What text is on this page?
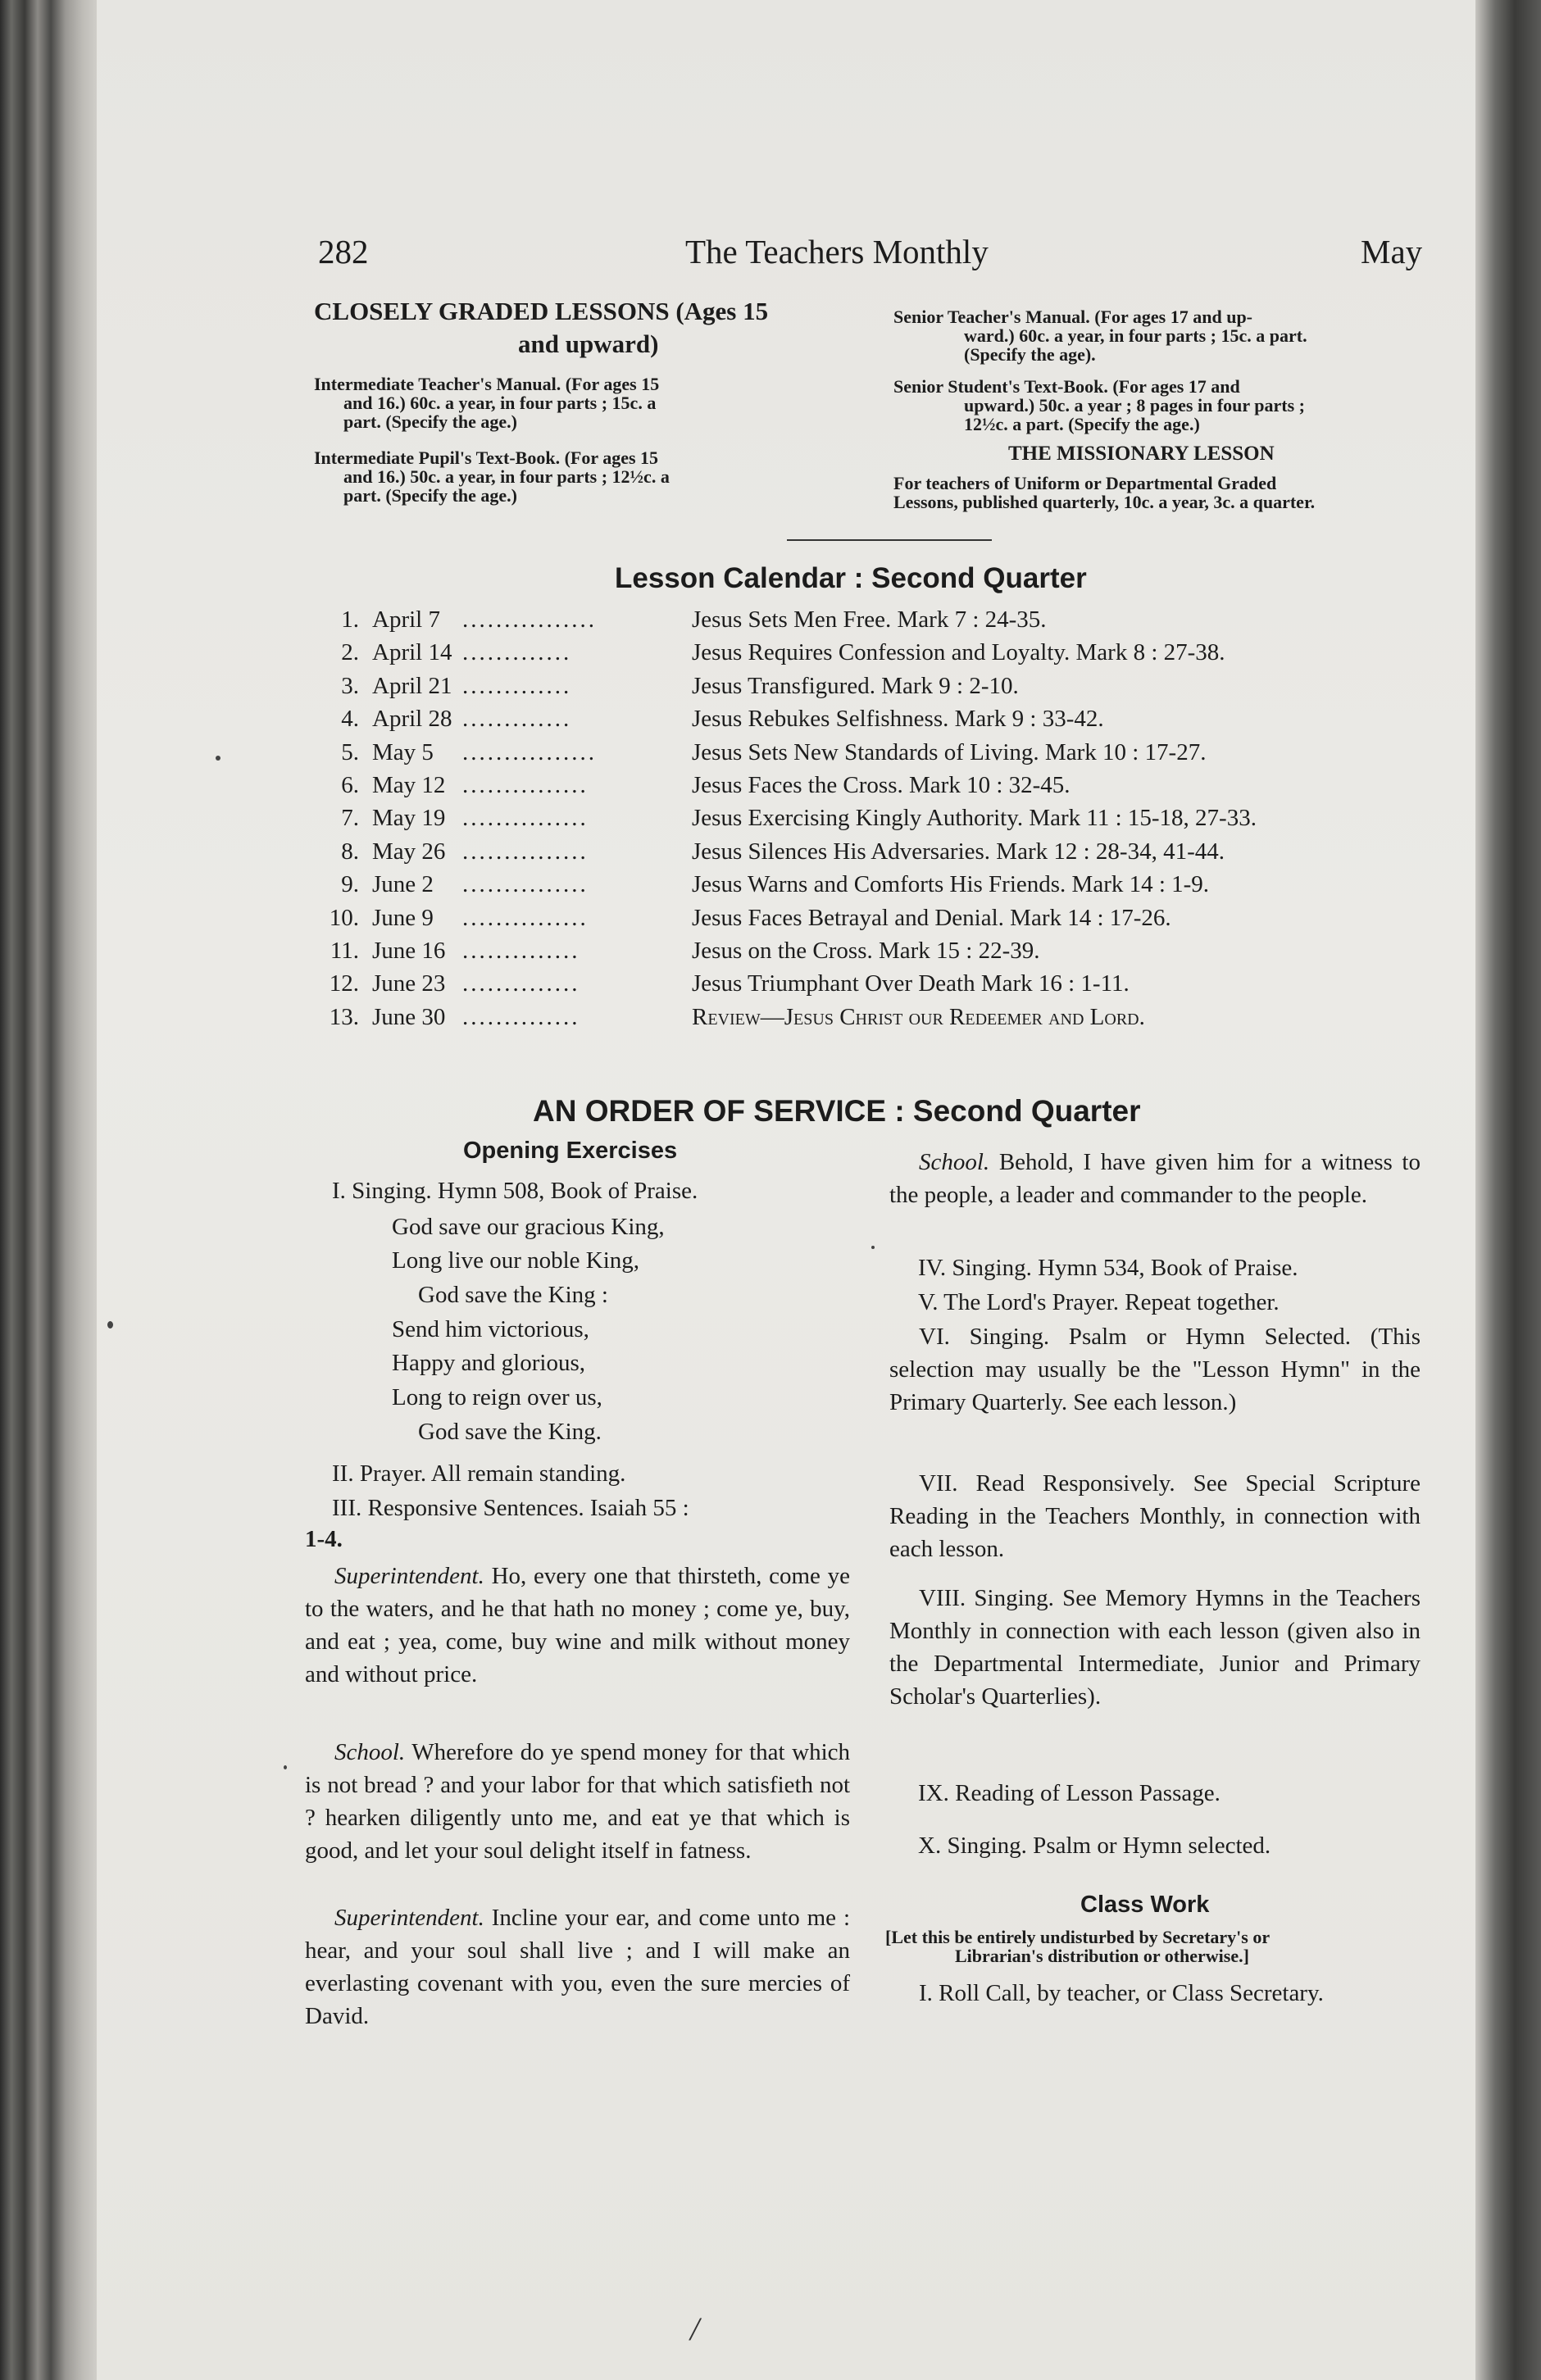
282	The Teachers Monthly	May
CLOSELY GRADED LESSONS (Ages 15
and upward)
Intermediate Teacher's Manual. (For ages 15
and 16.) 60c. a year, in four parts ; 15c. a
part. (Specify the age.)
Intermediate Pupil's Text-Book. (For ages 15
and 16.) 50c. a year, in four parts ; 12½c. a
part. (Specify the age.)
Senior Teacher's Manual. (For ages 17 and up-
ward.) 60c. a year, in four parts ; 15c. a part.
(Specify the age).
Senior Student's Text-Book. (For ages 17 and
upward.) 50c. a year ; 8 pages in four parts ;
12½c. a part. (Specify the age.)
THE MISSIONARY LESSON
For teachers of Uniform or Departmental Graded
Lessons, published quarterly, 10c. a year, 3c. a quarter.
Lesson Calendar : Second Quarter
1. April 7 ................	Jesus Sets Men Free. Mark 7 : 24-35.
2. April 14 .............	Jesus Requires Confession and Loyalty. Mark 8 : 27-38.
3. April 21 .............	Jesus Transfigured. Mark 9 : 2-10.
4. April 28 .............	Jesus Rebukes Selfishness. Mark 9 : 33-42.
5. May 5 ................	Jesus Sets New Standards of Living. Mark 10 : 17-27.
6. May 12 ...............	Jesus Faces the Cross. Mark 10 : 32-45.
7. May 19 ...............	Jesus Exercising Kingly Authority. Mark 11 : 15-18, 27-33.
8. May 26 ...............	Jesus Silences His Adversaries. Mark 12 : 28-34, 41-44.
9. June 2 ...............	Jesus Warns and Comforts His Friends. Mark 14 : 1-9.
10. June 9 ...............	Jesus Faces Betrayal and Denial. Mark 14 : 17-26.
11. June 16 ..............	Jesus on the Cross. Mark 15 : 22-39.
12. June 23 ..............	Jesus Triumphant Over Death Mark 16 : 1-11.
13. June 30 ..............	Review—Jesus Christ our Redeemer and Lord.
AN ORDER OF SERVICE : Second Quarter
Opening Exercises
I. Singing. Hymn 508, Book of Praise.
God save our gracious King,
Long live our noble King,
God save the King :
Send him victorious,
Happy and glorious,
Long to reign over us,
God save the King.
II. Prayer. All remain standing.
III. Responsive Sentences. Isaiah 55 :
1-4.
Superintendent. Ho, every one that thirsteth, come ye to the waters, and he that hath no money ; come ye, buy, and eat ; yea, come, buy wine and milk without money and without price.
School. Wherefore do ye spend money for that which is not bread ? and your labor for that which satisfieth not ? hearken diligently unto me, and eat ye that which is good, and let your soul delight itself in fatness.
Superintendent. Incline your ear, and come unto me : hear, and your soul shall live ; and I will make an everlasting covenant with you, even the sure mercies of David.
School. Behold, I have given him for a witness to the people, a leader and commander to the people.
IV. Singing. Hymn 534, Book of Praise.
V. The Lord's Prayer. Repeat together.
VI. Singing. Psalm or Hymn Selected. (This selection may usually be the "Lesson Hymn" in the Primary Quarterly. See each lesson.)
VII. Read Responsively. See Special Scripture Reading in the Teachers Monthly, in connection with each lesson.
VIII. Singing. See Memory Hymns in the Teachers Monthly in connection with each lesson (given also in the Departmental Intermediate, Junior and Primary Scholar's Quarterlies).
IX. Reading of Lesson Passage.
X. Singing. Psalm or Hymn selected.
Class Work
[Let this be entirely undisturbed by Secretary's or
Librarian's distribution or otherwise.]
I. Roll Call, by teacher, or Class Secretary.
/
